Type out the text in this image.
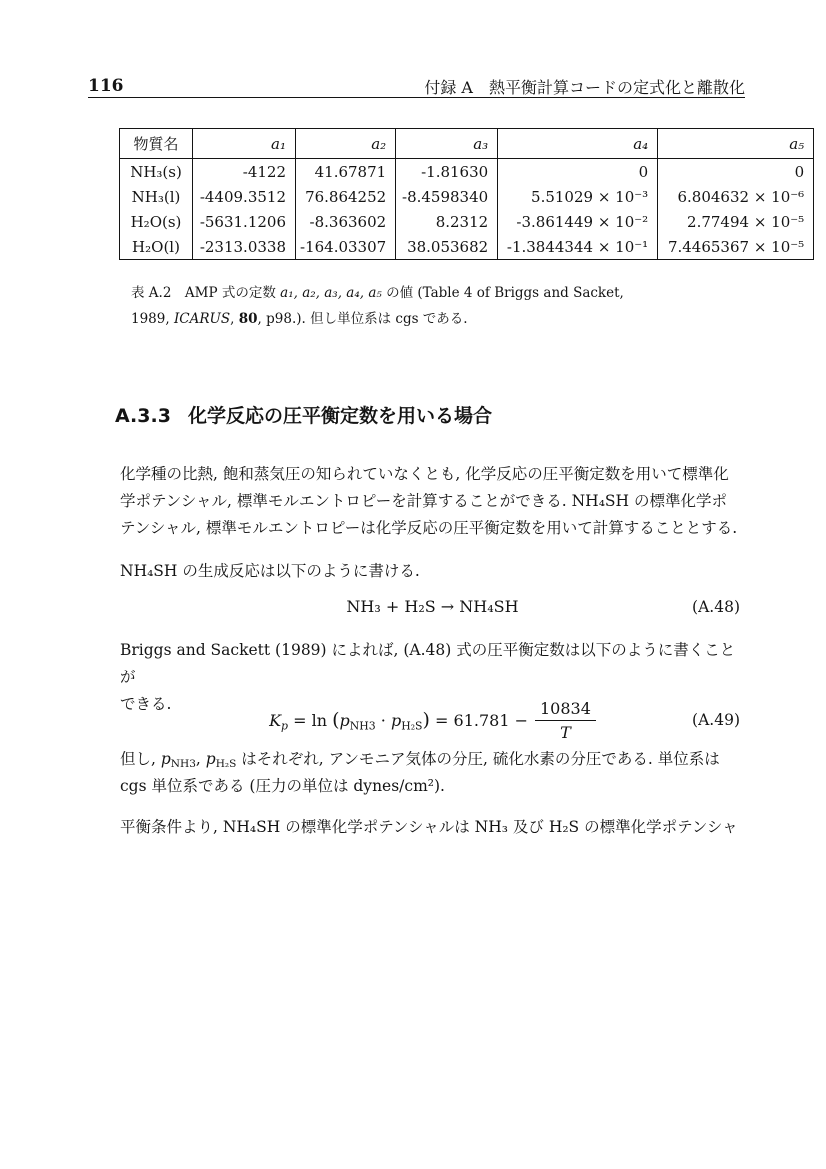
116	付録 A　熱平衡計算コードの定式化と離散化
物質名	a₁	a₂	a₃	a₄	a₅
NH₃(s)	-4122	41.67871	-1.81630	0	0
NH₃(l)	-4409.3512	76.864252	-8.4598340	5.51029 × 10⁻³	6.804632 × 10⁻⁶
H₂O(s)	-5631.1206	-8.363602	8.2312	-3.861449 × 10⁻²	2.77494 × 10⁻⁵
H₂O(l)	-2313.0338	-164.03307	38.053682	-1.3844344 × 10⁻¹	7.4465367 × 10⁻⁵
表 A.2　AMP 式の定数 a₁, a₂, a₃, a₄, a₅ の値 (Table 4 of Briggs and Sacket,
1989, ICARUS, 80, p98.). 但し単位系は cgs である.
A.3.3 化学反応の圧平衡定数を用いる場合
化学種の比熱, 飽和蒸気圧の知られていなくとも, 化学反応の圧平衡定数を用いて標準化
学ポテンシャル, 標準モルエントロピーを計算することができる. NH₄SH の標準化学ポ
テンシャル, 標準モルエントロピーは化学反応の圧平衡定数を用いて計算することとする.
NH₄SH の生成反応は以下のように書ける.
NH₃ + H₂S → NH₄SH	(A.48)
Briggs and Sackett (1989) によれば, (A.48) 式の圧平衡定数は以下のように書くことが
できる.
$K_p = \ln (p_{NH3} \cdot p_{H_2S}) = 61.781 - \frac{10834}{T}$	(A.49)
但し, $p_{NH3}$, $p_{H_2S}$ はそれぞれ, アンモニア気体の分圧, 硫化水素の分圧である. 単位系は
cgs 単位系である (圧力の単位は dynes/cm²).
平衡条件より, NH₄SH の標準化学ポテンシャルは NH₃ 及び H₂S の標準化学ポテンシャ
